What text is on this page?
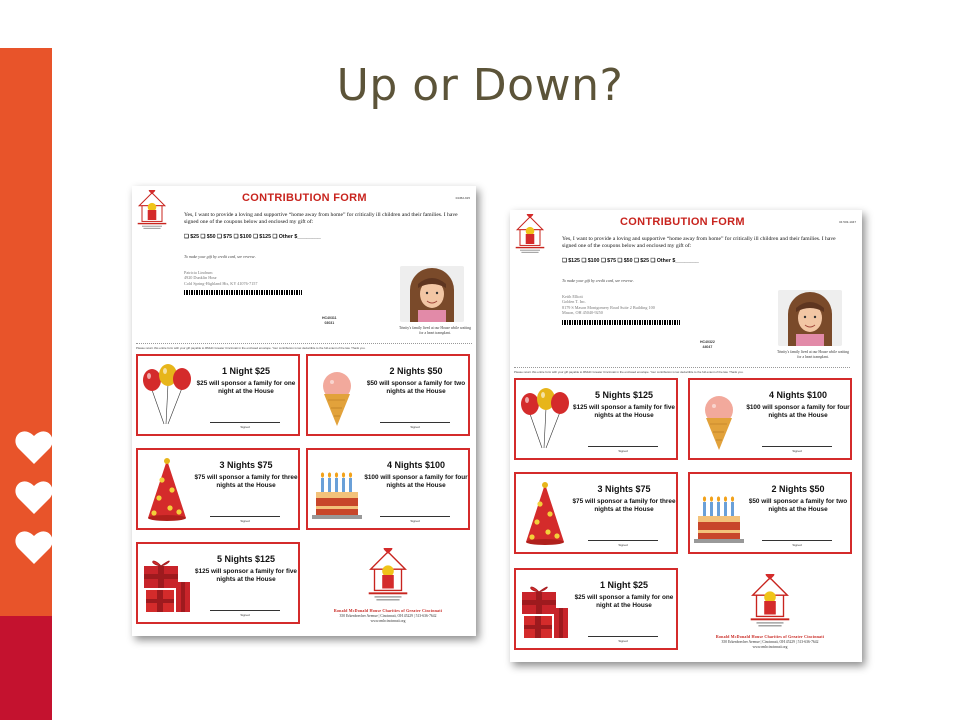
Up or Down?
CONTRIBUTION FORM	04452-915
Yes, I want to provide a loving and supportive “home away from home” for critically ill children and their families. I have signed one of the coupons below and enclosed my gift of:
❏ $25 ❏ $50 ❏ $75 ❏ $100 ❏ $125 ❏ Other $________
To make your gift by credit card, see reverse.
Patricia Lindrum
4920 Dunklin Hour
Cold Spring-Highland Hts, KY 41076-7157
HC40311
03031
Trinity's family lived at our House while waiting for a heart transplant.
Please return this entire form with your gift payable to RMHC Greater Cincinnati in the enclosed envelope. Your contribution is tax deductible to the full extent of the law. Thank you.
1 Night $25
$25 will sponsor a family for one night at the House
Signed
2 Nights $50
$50 will sponsor a family for two nights at the House
Signed
3 Nights $75
$75 will sponsor a family for three nights at the House
Signed
4 Nights $100
$100 will sponsor a family for four nights at the House
Signed
5 Nights $125
$125 will sponsor a family for five nights at the House
Signed
Ronald McDonald House Charities of Greater Cincinnati
350 Erkenbrecher Avenue | Cincinnati, OH 45229 | 513-636-7642
www.rmhcincinnati.org
CONTRIBUTION FORM	04 503-1047
Yes, I want to provide a loving and supportive “home away from home” for critically ill children and their families. I have signed one of the coupons below and enclosed my gift of:
❏ $125 ❏ $100 ❏ $75 ❏ $50 ❏ $25 ❏ Other $________
To make your gift by credit card, see reverse.
Keith Elliott
Golden T. Inc.
8179 S Mason Montgomery Road Suite 2 Building 100
Mason, OH 45040-9250
HC40322
44047
Trinity's family lived at our House while waiting for a heart transplant.
Please return this entire form with your gift payable to RMHC Greater Cincinnati in the enclosed envelope. Your contribution is tax deductible to the full extent of the law. Thank you.
5 Nights $125
$125 will sponsor a family for five nights at the House
Signed
4 Nights $100
$100 will sponsor a family for four nights at the House
Signed
3 Nights $75
$75 will sponsor a family for three nights at the House
Signed
2 Nights $50
$50 will sponsor a family for two nights at the House
Signed
1 Night $25
$25 will sponsor a family for one night at the House
Signed
Ronald McDonald House Charities of Greater Cincinnati
350 Erkenbrecher Avenue | Cincinnati, OH 45229 | 513-636-7642
www.rmhcincinnati.org
